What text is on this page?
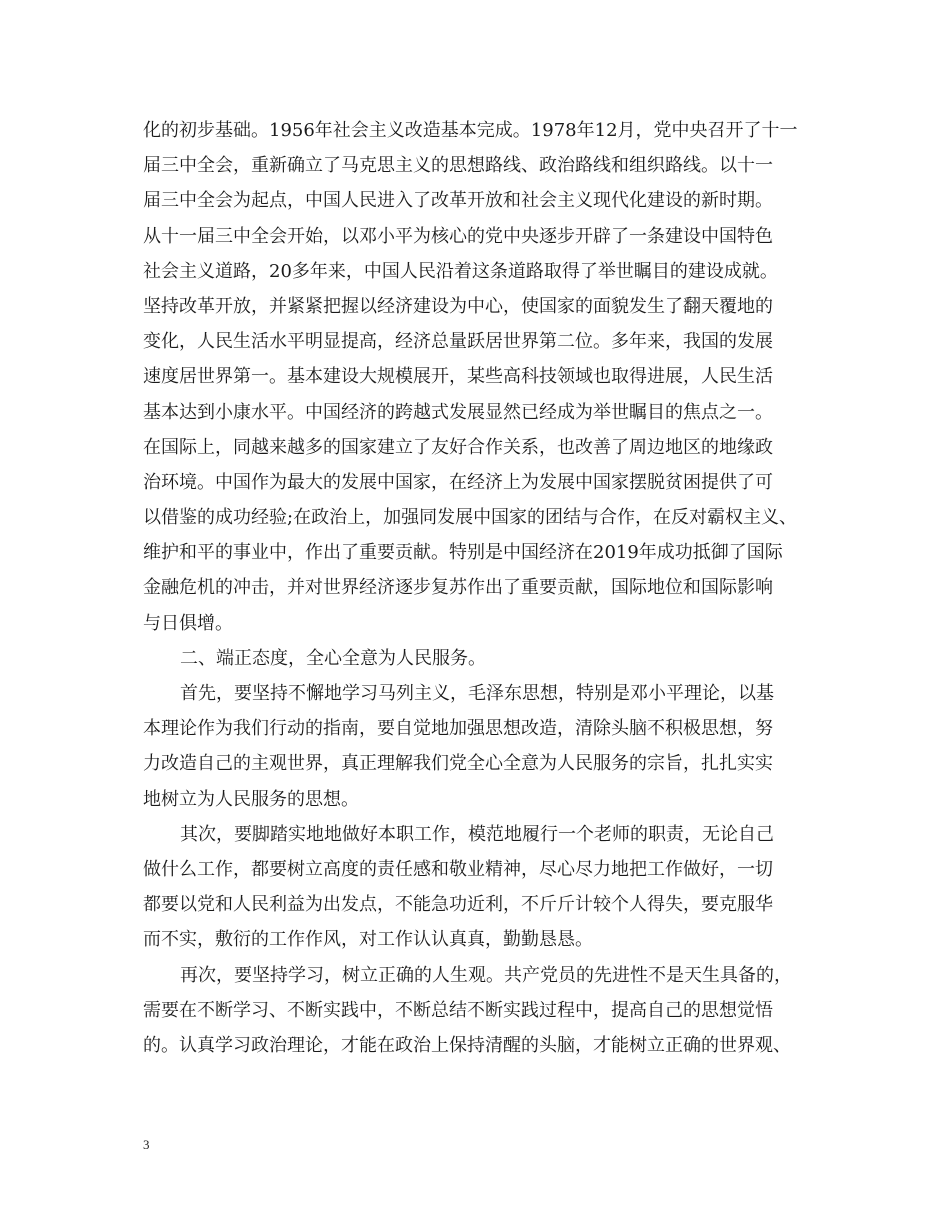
化的初步基础。1956年社会主义改造基本完成。1978年12月，党中央召开了十一
届三中全会，重新确立了马克思主义的思想路线、政治路线和组织路线。以十一
届三中全会为起点，中国人民进入了改革开放和社会主义现代化建设的新时期。
从十一届三中全会开始，以邓小平为核心的党中央逐步开辟了一条建设中国特色
社会主义道路，20多年来，中国人民沿着这条道路取得了举世瞩目的建设成就。
坚持改革开放，并紧紧把握以经济建设为中心，使国家的面貌发生了翻天覆地的
变化，人民生活水平明显提高，经济总量跃居世界第二位。多年来，我国的发展
速度居世界第一。基本建设大规模展开，某些高科技领域也取得进展，人民生活
基本达到小康水平。中国经济的跨越式发展显然已经成为举世瞩目的焦点之一。
在国际上，同越来越多的国家建立了友好合作关系，也改善了周边地区的地缘政
治环境。中国作为最大的发展中国家，在经济上为发展中国家摆脱贫困提供了可
以借鉴的成功经验;在政治上，加强同发展中国家的团结与合作，在反对霸权主义、
维护和平的事业中，作出了重要贡献。特别是中国经济在2019年成功抵御了国际
金融危机的冲击，并对世界经济逐步复苏作出了重要贡献，国际地位和国际影响
与日俱增。
二、端正态度，全心全意为人民服务。
首先，要坚持不懈地学习马列主义，毛泽东思想，特别是邓小平理论，以基
本理论作为我们行动的指南，要自觉地加强思想改造，清除头脑不积极思想，努
力改造自己的主观世界，真正理解我们党全心全意为人民服务的宗旨，扎扎实实
地树立为人民服务的思想。
其次，要脚踏实地地做好本职工作，模范地履行一个老师的职责，无论自己
做什么工作，都要树立高度的责任感和敬业精神，尽心尽力地把工作做好，一切
都要以党和人民利益为出发点，不能急功近利，不斤斤计较个人得失，要克服华
而不实，敷衍的工作作风，对工作认认真真，勤勤恳恳。
再次，要坚持学习，树立正确的人生观。共产党员的先进性不是天生具备的，
需要在不断学习、不断实践中，不断总结不断实践过程中，提高自己的思想觉悟
的。认真学习政治理论，才能在政治上保持清醒的头脑，才能树立正确的世界观、
3
